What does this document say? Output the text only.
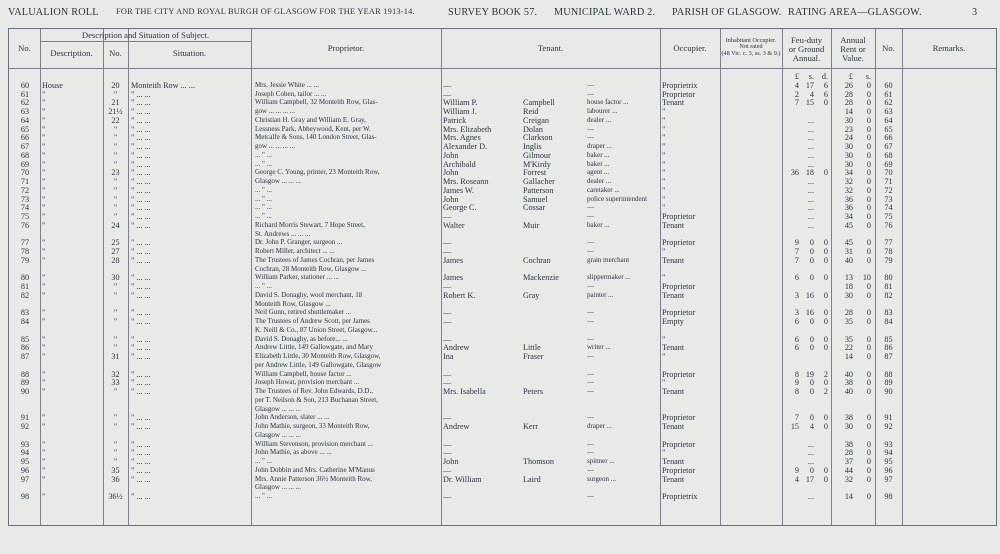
VALUALION ROLL FOR THE CITY AND ROYAL BURGH OF GLASGOW FOR THE YEAR 1913-14.	SURVEY BOOK 57. MUNICIPAL WARD 2. PARISH OF GLASGOW. RATING AREA—GLASGOW.	3
No.
Description and Situation of Subject.
Description.	No.	Situation.	Proprietor.	Tenant.	Occupier.
Inhabitant Occupier.
Not rated
(48 Vic. c. 3, ss. 3 & 9.)
Feu-duty
or Ground
Annual.
Annual
Rent or
Value.
No.	Remarks.
£	s. d.	£	s.
60	House	20	Monteith Row ... ...	Mrs. Jessie White ... ...	—	—	Proprietrix	4 17	6	26	0	60
61	"	"	" ... ...	Joseph Cohen, tailor ... ...	—	—	Proprietor	2	4	6	28	0	61
62	"	21	" ... ...	William Campbell, 32 Monteith Row, Glas-	William P.	Campbell	house factor ...	Tenant	7 15	0	28	0	62
63	"	21½	" ... ...	gow ... ... ... ...	William J.	Reid	labourer ...	"	14	0	63
64	"	22	" ... ...	Christian H. Gray and William E. Gray,	Patrick	Creigan	dealer ...	"	...	30	0	64
65	"	"	" ... ...	Lessness Park, Abbeywood, Kent, per W.	Mrs. Elizabeth	Dolan	—	"	...	23	0	65
66	"	"	" ... ...	Metcalfe & Sons, 140 London Street, Glas-	Mrs. Agnes	Clarkson	—	"	...	24	0	66
67	"	"	" ... ...	gow ... ... ... ...	Alexander D.	Inglis	draper ...	"	...	30	0	67
68	"	"	" ... ...	... " ...	John	Gilmour	baker ...	"	...	30	0	68
69	"	"	" ... ...	... " ...	Archibald	M'Kirdy	baker ...	"	...	30	0	69
70	"	23	" ... ...	George C. Young, printer, 23 Monteith Row,	John	Forrest	agent ...	"	36 18	0	34	0	70
71	"	"	" ... ...	Glasgow ... ... ...	Mrs. Roseann	Gallacher	dealer ...	"	...	32	0	71
72	"	"	" ... ...	... " ...	James W.	Patterson	caretaker ...	"	...	32	0	72
73	"	"	" ... ...	... " ...	John	Samuel	police superintendent	"	...	36	0	73
74	"	"	" ... ...	... " ...	George C.	Cossar	—	"	...	36	0	74
75	"	"	" ... ...	... " ...	—	—	Proprietor	...	34	0	75
76	"	24	" ... ...	Richard Morris Stewart, 7 Hope Street,	Walter	Muir	baker ...	Tenant	...	45	0	76
St. Andrews ... ... ...
77	"	25	" ... ...	Dr. John P. Granger, surgeon ...	—	—	Proprietor	9	0	0	45	0	77
78	"	27	" ... ...	Robert Miller, architect ... ...	—	—	"	7	0	0	31	0	78
79	"	28	" ... ...	The Trustees of James Cochran, per James	James	Cochran	grain merchant	Tenant	7	0	0	40	0	79
Cochran, 28 Monteith Row, Glasgow ...
80	"	30	" ... ...	William Parker, stationer ... ...	James	Mackenzie	slippermaker ...	"	6	0	0	13	10	80
81	"	"	" ... ...	... " ...	—	—	Proprietor	18	0	81
82	"	"	" ... ...	David S. Donaghy, wool merchant, 18	Robert K.	Gray	painter ...	Tenant	3 16	0	30	0	82
Monteith Row, Glasgow ...
83	"	"	" ... ...	Neil Gunn, retired shuttlemaker ...	—	—	Proprietor	3 16	0	28	0	83
84	"	"	" ... ...	The Trustees of Andrew Scott, per James	—	—	Empty	6	0	0	35	0	84
K. Neill & Co., 87 Union Street, Glasgow...
85	"	"	" ... ...	David S. Donaghy, as before... ...	—	—	"	6	0	0	35	0	85
86	"	"	" ... ...	Andrew Little, 149 Gallowgate, and Mary	Andrew	Little	writer ...	Tenant	6	0	0	22	0	86
87	"	31	" ... ...	Elizabeth Little, 30 Monteith Row, Glasgow,	Ina	Fraser	—	"	14	0	87
per Andrew Little, 149 Gallowgate, Glasgow
88	"	32	" ... ...	William Campbell, house factor ...	—	—	Proprietor	8 19	2	40	0	88
89	"	33	" ... ...	Joseph Howat, provision merchant ...	—	—	"	9	0	0	38	0	89
90	"	"	" ... ...	The Trustees of Rev. John Edwards, D.D.,	Mrs. Isabella	Peters	—	Tenant	8	0	2	40	0	90
per T. Neilson & Son, 213 Buchanan Street,
Glasgow ... ... ...
91	"	"	" ... ...	John Anderson, slater ... ...	—	—	Proprietor	7	0	0	38	0	91
92	"	"	" ... ...	John Mathie, surgeon, 33 Monteith Row,	Andrew	Kerr	draper ...	Tenant	15	4	0	30	0	92
Glasgow ... ... ...
93	"	"	" ... ...	William Stevenson, provision merchant ...	—	—	Proprietor	...	38	0	93
94	"	"	" ... ...	John Mathie, as above ... ...	—	—	"	...	28	0	94
95	"	"	" ... ...	... " ...	John	Thomson	spinner ...	Tenant	...	37	0	95
96	"	35	" ... ...	John Dobbin and Mrs. Catherine M'Manus	—	—	Proprietor	9	0	0	44	0	96
97	"	36	" ... ...	Mrs. Annie Patterson 36½ Monteith Row,	Dr. William	Laird	surgeon ...	Tenant	4 17	0	32	0	97
Glasgow ... ... ...
98	"	36½	" ... ...	... " ...	—	—	Proprietrix	...	14	0	98
